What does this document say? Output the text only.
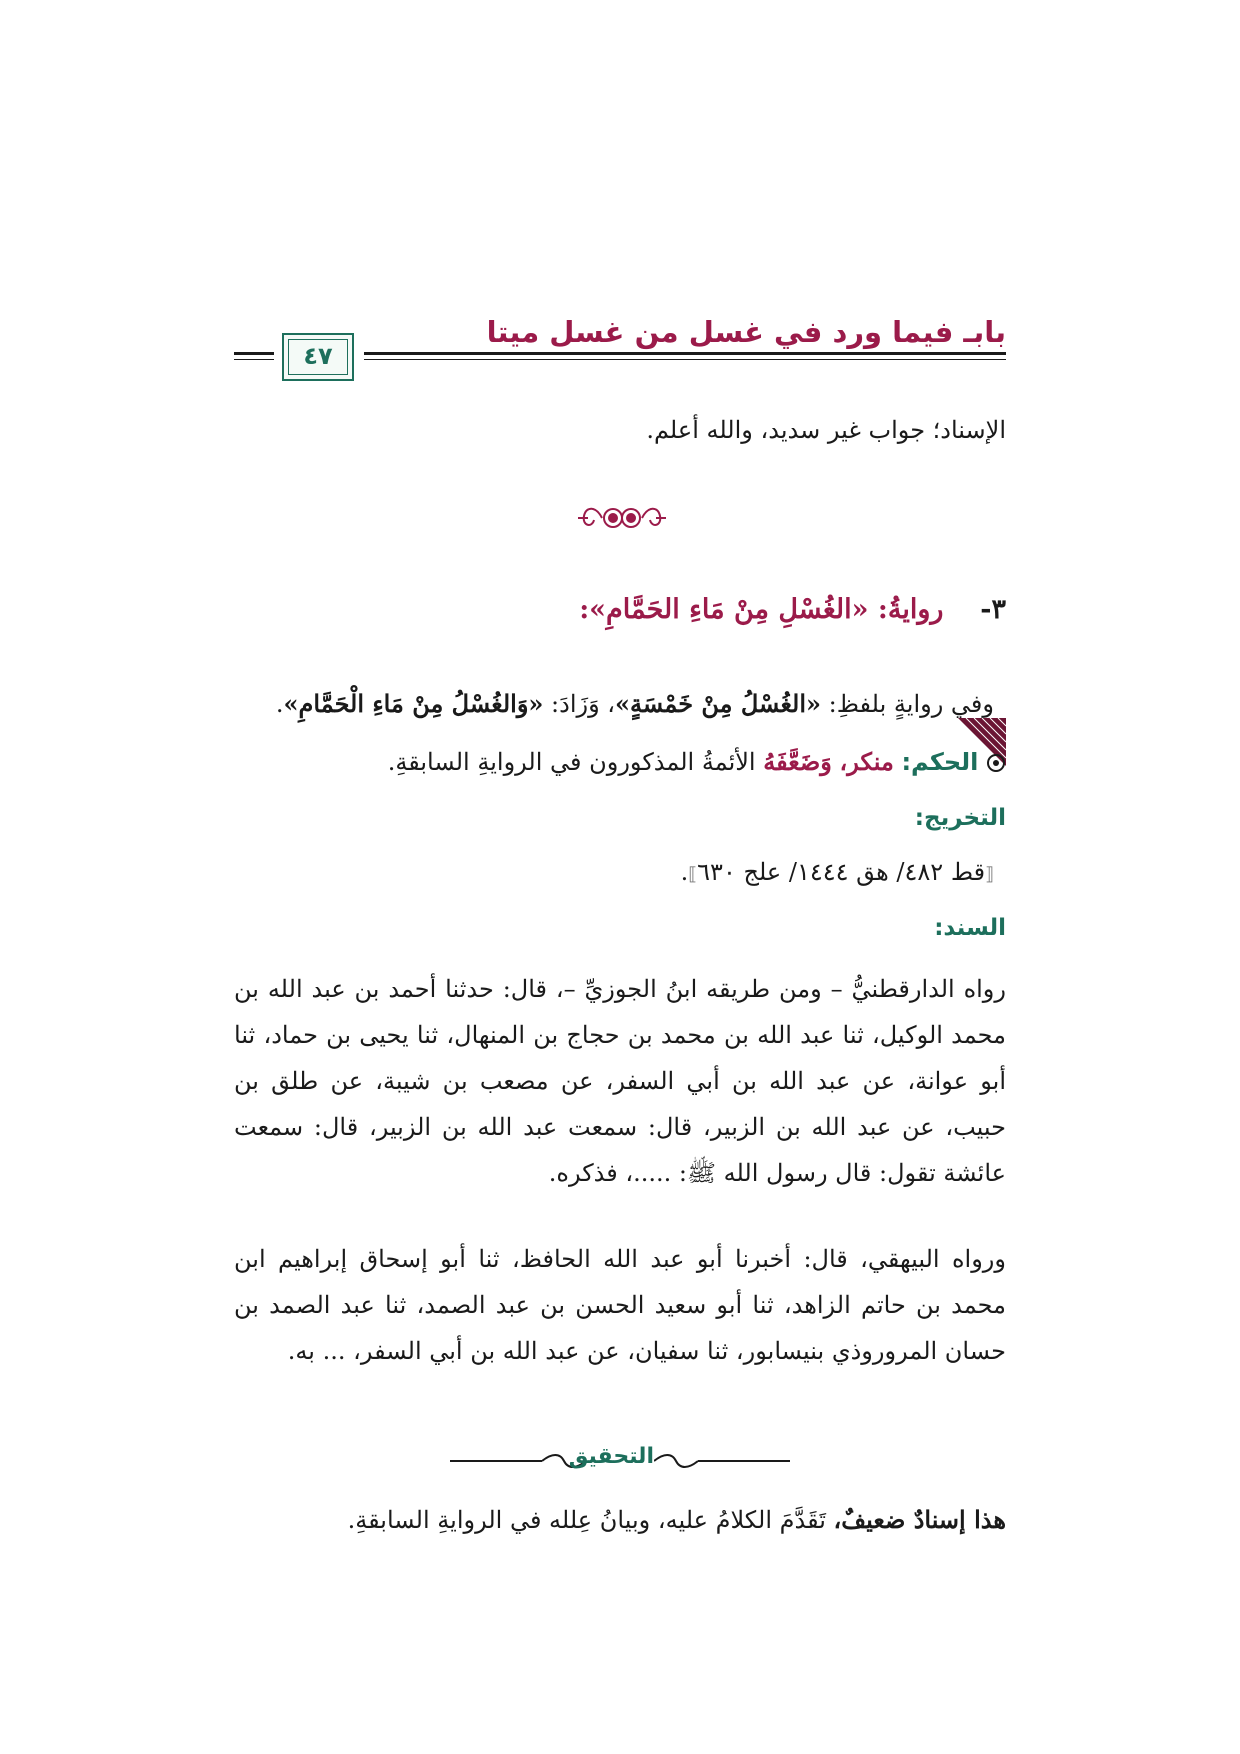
بابـ فيما ورد في غسل من غسل ميتا
٤٧
الإسناد؛ جواب غير سديد، والله أعلم.
٣-  روايةُ: «الغُسْلِ مِنْ مَاءِ الحَمَّامِ»:
وفي روايةٍ بلفظِ: «الغُسْلُ مِنْ خَمْسَةٍ»، وَزَادَ: «وَالغُسْلُ مِنْ مَاءِ الْحَمَّامِ».
الحكم: منكر، وَضَعَّفَهُ الأئمةُ المذكورون في الروايةِ السابقةِ.
التخريج:
⟦قط ٤٨٢/ هق ١٤٤٤/ علج ٦٣٠⟧.
السند:
رواه الدارقطنيُّ – ومن طريقه ابنُ الجوزيِّ –، قال: حدثنا أحمد بن عبد الله بن محمد الوكيل، ثنا عبد الله بن محمد بن حجاج بن المنهال، ثنا يحيى بن حماد، ثنا أبو عوانة، عن عبد الله بن أبي السفر، عن مصعب بن شيبة، عن طلق بن حبيب، عن عبد الله بن الزبير، قال: سمعت عبد الله بن الزبير، قال: سمعت عائشة تقول: قال رسول الله ﷺ: .....، فذكره.
ورواه البيهقي، قال: أخبرنا أبو عبد الله الحافظ، ثنا أبو إسحاق إبراهيم ابن محمد بن حاتم الزاهد، ثنا أبو سعيد الحسن بن عبد الصمد، ثنا عبد الصمد بن حسان المروروذي بنيسابور، ثنا سفيان، عن عبد الله بن أبي السفر، ... به.
التحقيق
هذا إسنادٌ ضعيفٌ، تَقَدَّمَ الكلامُ عليه، وبيانُ عِلله في الروايةِ السابقةِ.
